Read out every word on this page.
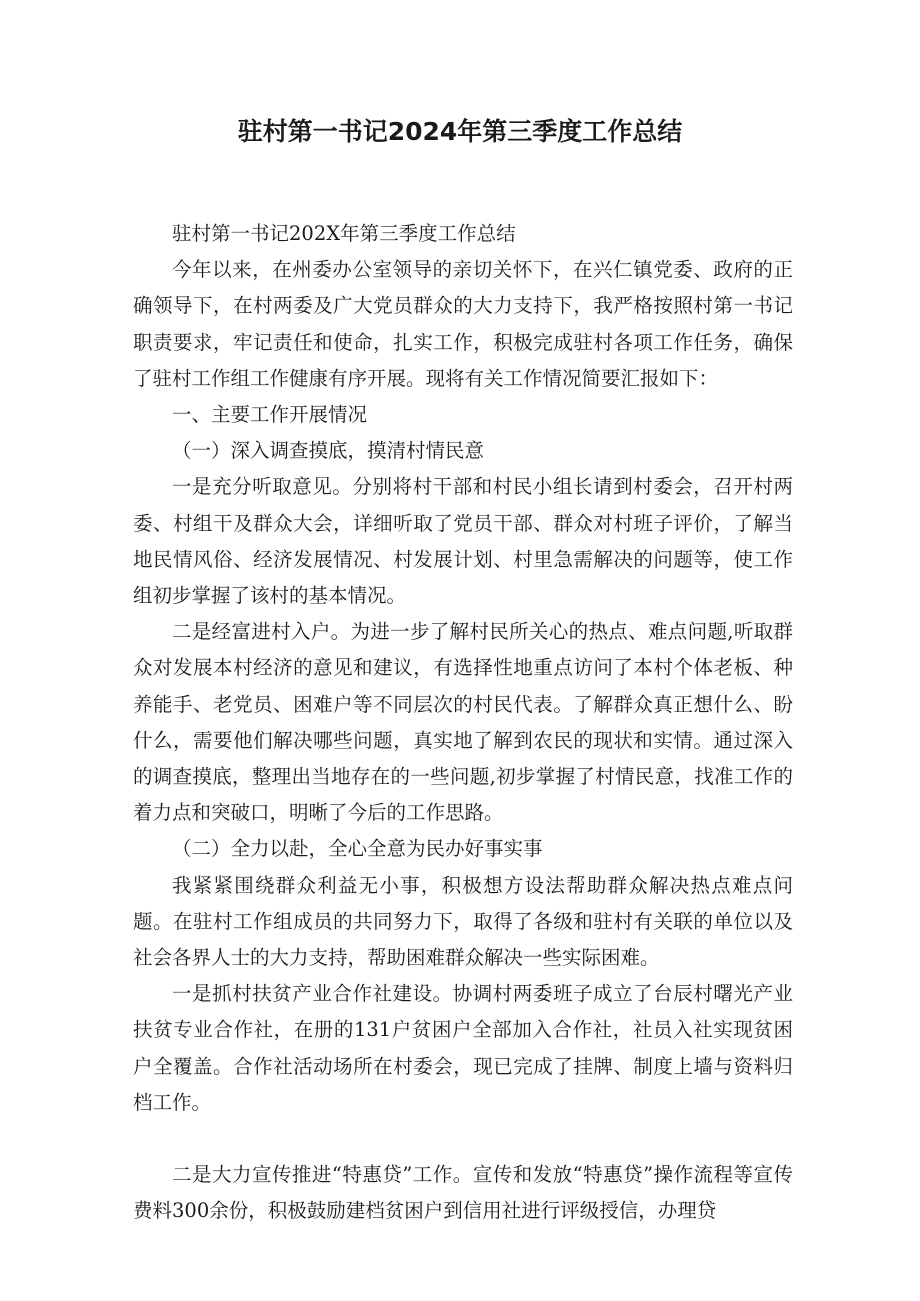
驻村第一书记2024年第三季度工作总结

驻村第一书记202X年第三季度工作总结

今年以来，在州委办公室领导的亲切关怀下，在兴仁镇党委、政府的正确领导下，在村两委及广大党员群众的大力支持下，我严格按照村第一书记职责要求，牢记责任和使命，扎实工作，积极完成驻村各项工作任务，确保了驻村工作组工作健康有序开展。现将有关工作情况简要汇报如下：

一、主要工作开展情况

（一）深入调查摸底，摸清村情民意

一是充分听取意见。分别将村干部和村民小组长请到村委会，召开村两委、村组干及群众大会，详细听取了党员干部、群众对村班子评价，了解当地民情风俗、经济发展情况、村发展计划、村里急需解决的问题等，使工作组初步掌握了该村的基本情况。

二是经富进村入户。为进一步了解村民所关心的热点、难点问题,听取群众对发展本村经济的意见和建议，有选择性地重点访问了本村个体老板、种养能手、老党员、困难户等不同层次的村民代表。了解群众真正想什么、盼什么，需要他们解决哪些问题，真实地了解到农民的现状和实情。通过深入的调查摸底，整理出当地存在的一些问题,初步掌握了村情民意，找准工作的着力点和突破口，明晰了今后的工作思路。

（二）全力以赴，全心全意为民办好事实事

我紧紧围绕群众利益无小事，积极想方设法帮助群众解决热点难点问题。在驻村工作组成员的共同努力下，取得了各级和驻村有关联的单位以及社会各界人士的大力支持，帮助困难群众解决一些实际困难。

一是抓村扶贫产业合作社建设。协调村两委班子成立了台辰村曙光产业扶贫专业合作社，在册的131户贫困户全部加入合作社，社员入社实现贫困户全覆盖。合作社活动场所在村委会，现已完成了挂牌、制度上墙与资料归档工作。

二是大力宣传推进“特惠贷”工作。宣传和发放“特惠贷”操作流程等宣传费料300余份，积极鼓励建档贫困户到信用社进行评级授信，办理贷
